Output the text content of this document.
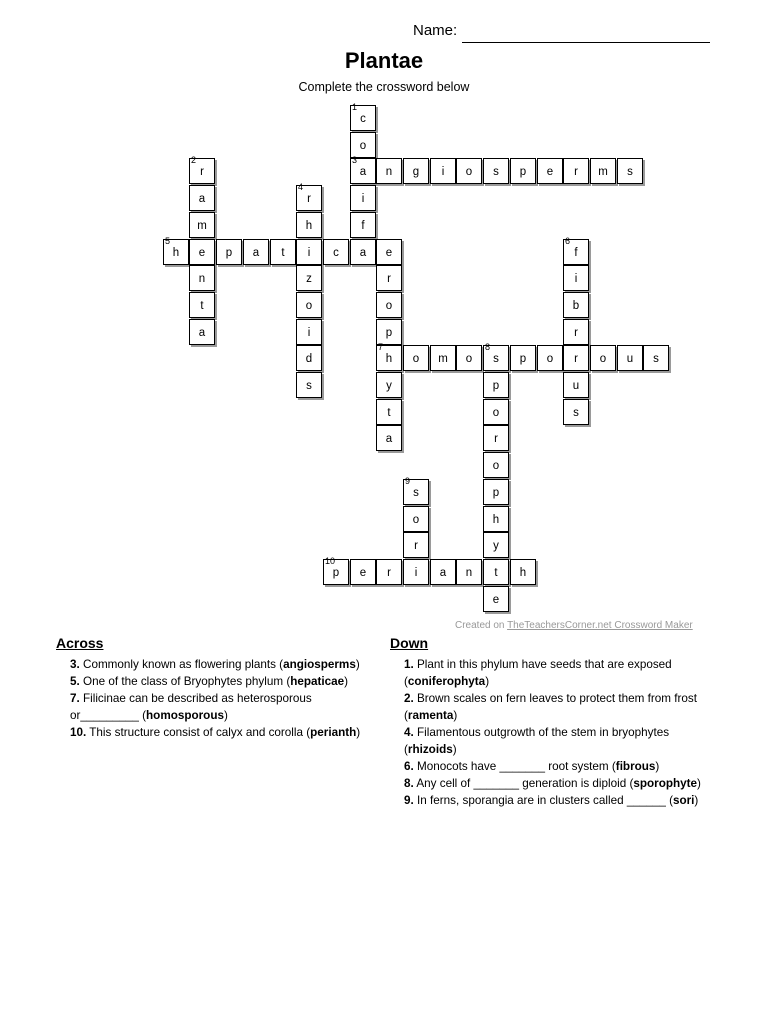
Name:
Plantae
Complete the crossword below
1
c
o
2
r
3
a	n	g	i	o	s	p	e	r	m	s
a
4
r	i
m	h	f
5
h	e	p	a	t	i	c	a	e
6
f
n	z	r	i
t	o	o	b
a	i	p	r
d
7
h	o	m	o
8
s	p	o	r	o	u	s
s	y	p	u
t	o	s
a	r
o
9
s	p
o	h
r	y
10
p	e	r	i	a	n	t	h
e
Created on TheTeachersCorner.net Crossword Maker
Across
3. Commonly known as flowering plants (angiosperms)
5. One of the class of Bryophytes phylum (hepaticae)
7. Filicinae can be described as heterosporous or_________ (homosporous)
10. This structure consist of calyx and corolla (perianth)
Down
1. Plant in this phylum have seeds that are exposed (coniferophyta)
2. Brown scales on fern leaves to protect them from frost (ramenta)
4. Filamentous outgrowth of the stem in bryophytes (rhizoids)
6. Monocots have _______ root system (fibrous)
8. Any cell of _______ generation is diploid (sporophyte)
9. In ferns, sporangia are in clusters called ______ (sori)
